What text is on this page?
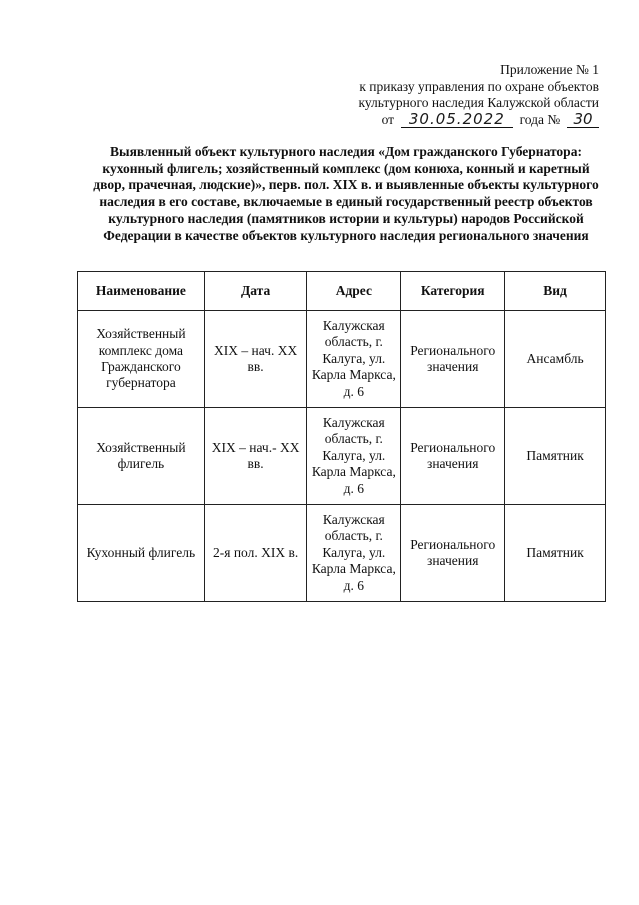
Приложение № 1
к приказу управления по охране объектов
культурного наследия Калужской области
от 30.05.2022 года № 30
Выявленный объект культурного наследия «Дом гражданского Губернатора: кухонный флигель; хозяйственный комплекс (дом конюха, конный и каретный двор, прачечная, людские)», перв. пол. XIX в. и выявленные объекты культурного наследия в его составе, включаемые в единый государственный реестр объектов культурного наследия (памятников истории и культуры) народов Российской Федерации в качестве объектов культурного наследия регионального значения
Наименование	Дата	Адрес	Категория	Вид
Хозяйственный комплекс дома Гражданского губернатора	XIX – нач. XX вв.	Калужская область, г. Калуга, ул. Карла Маркса, д. 6	Регионального значения	Ансамбль
Хозяйственный флигель	XIX – нач.- XX вв.	Калужская область, г. Калуга, ул. Карла Маркса, д. 6	Регионального значения	Памятник
Кухонный флигель	2-я пол. XIX в.	Калужская область, г. Калуга, ул. Карла Маркса, д. 6	Регионального значения	Памятник
